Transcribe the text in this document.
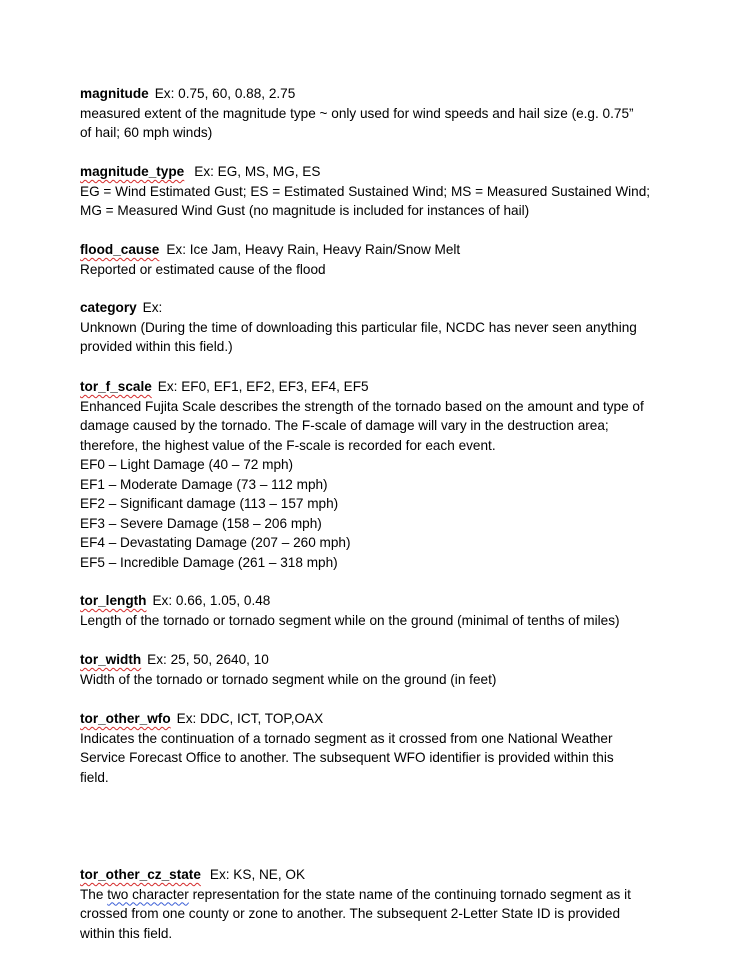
magnitude Ex: 0.75, 60, 0.88, 2.75
measured extent of the magnitude type ~ only used for wind speeds and hail size (e.g. 0.75”
of hail; 60 mph winds)
magnitude_type Ex: EG, MS, MG, ES
EG = Wind Estimated Gust; ES = Estimated Sustained Wind; MS = Measured Sustained Wind;
MG = Measured Wind Gust (no magnitude is included for instances of hail)
flood_cause Ex: Ice Jam, Heavy Rain, Heavy Rain/Snow Melt
Reported or estimated cause of the flood
category Ex:
Unknown (During the time of downloading this particular file, NCDC has never seen anything
provided within this field.)
tor_f_scale Ex: EF0, EF1, EF2, EF3, EF4, EF5
Enhanced Fujita Scale describes the strength of the tornado based on the amount and type of
damage caused by the tornado. The F-scale of damage will vary in the destruction area;
therefore, the highest value of the F-scale is recorded for each event.
EF0 – Light Damage (40 – 72 mph)
EF1 – Moderate Damage (73 – 112 mph)
EF2 – Significant damage (113 – 157 mph)
EF3 – Severe Damage (158 – 206 mph)
EF4 – Devastating Damage (207 – 260 mph)
EF5 – Incredible Damage (261 – 318 mph)
tor_length Ex: 0.66, 1.05, 0.48
Length of the tornado or tornado segment while on the ground (minimal of tenths of miles)
tor_width Ex: 25, 50, 2640, 10
Width of the tornado or tornado segment while on the ground (in feet)
tor_other_wfo Ex: DDC, ICT, TOP,OAX
Indicates the continuation of a tornado segment as it crossed from one National Weather
Service Forecast Office to another. The subsequent WFO identifier is provided within this
field.
tor_other_cz_state Ex: KS, NE, OK
The two character representation for the state name of the continuing tornado segment as it
crossed from one county or zone to another. The subsequent 2-Letter State ID is provided
within this field.
